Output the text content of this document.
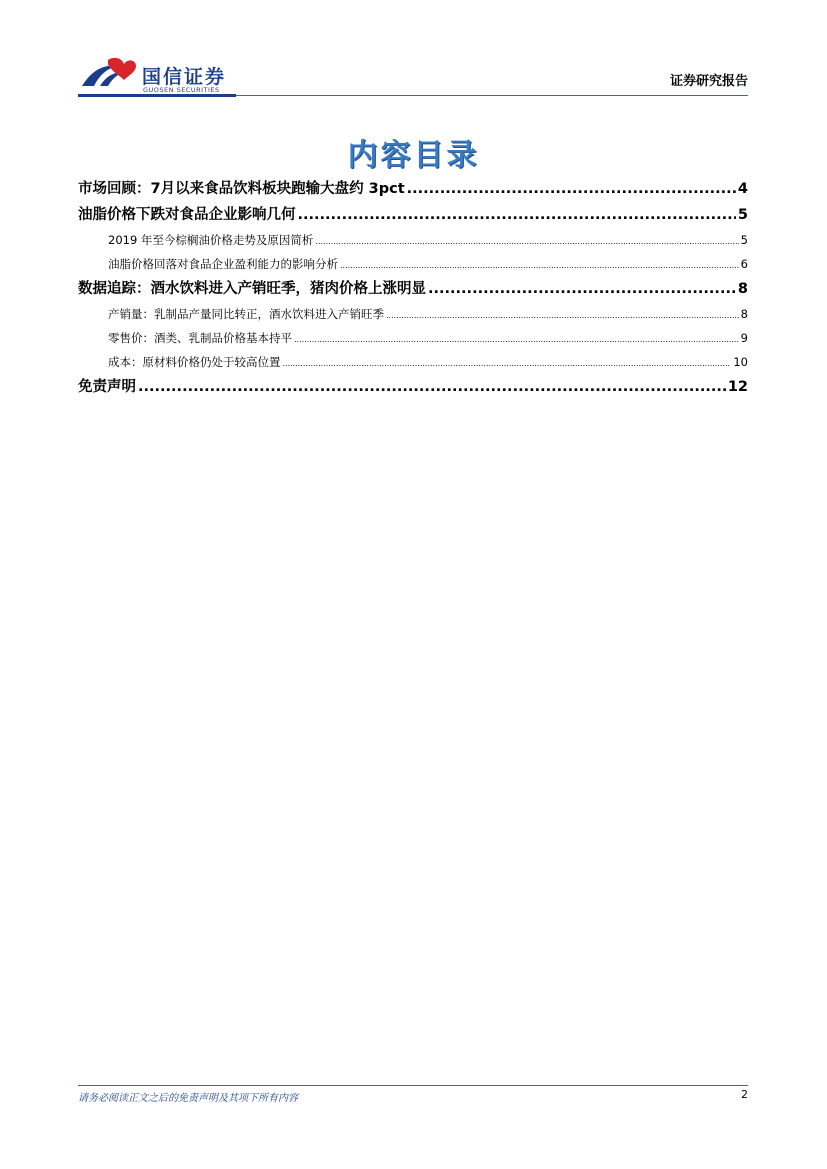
国信证券
GUOSEN SECURITIES
证券研究报告
内容目录
市场回顾：7月以来食品饮料板块跑输大盘约 3pct .....	4
油脂价格下跌对食品企业影响几何 .....	5
2019 年至今棕榈油价格走势及原因简析 .....	5
油脂价格回落对食品企业盈利能力的影响分析 .....	6
数据追踪：酒水饮料进入产销旺季，猪肉价格上涨明显 .....	8
产销量：乳制品产量同比转正，酒水饮料进入产销旺季 .....	8
零售价：酒类、乳制品价格基本持平 .....	9
成本：原材料价格仍处于较高位置 .....	10
免责声明 .....	12
请务必阅读正文之后的免责声明及其项下所有内容	2
